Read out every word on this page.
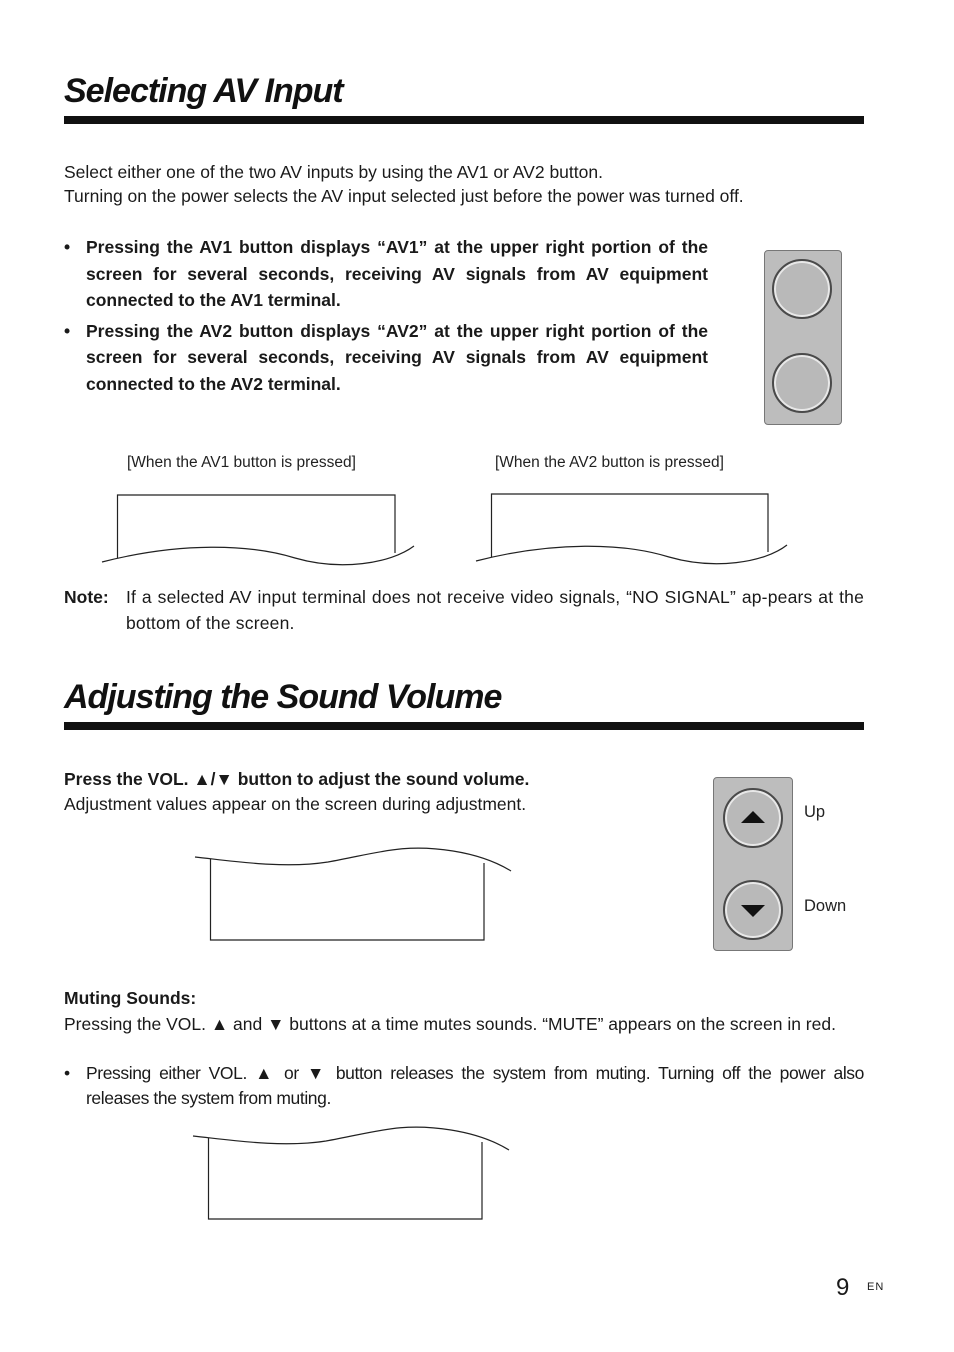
Selecting AV Input

Select either one of the two AV inputs by using the AV1 or AV2 button.

Turning on the power selects the AV input selected just before the power was turned off.

• Pressing the AV1 button displays “AV1” at the upper right portion of the screen for several seconds, receiving AV signals from AV equipment connected to the AV1 terminal.
• Pressing the AV2 button displays “AV2” at the upper right portion of the screen for several seconds, receiving AV signals from AV equipment connected to the AV2 terminal.
[When the AV1 button is pressed]	[When the AV2 button is pressed]
Note: If a selected AV input terminal does not receive video signals, “NO SIGNAL” ap-pears at the bottom of the screen.
Adjusting the Sound Volume

Press the VOL. ▲/▼ button to adjust the sound volume.

Adjustment values appear on the screen during adjustment.	Up
Down
Muting Sounds:
Pressing the VOL. ▲ and ▼ buttons at a time mutes sounds. “MUTE” appears on the screen in red.
• Pressing either VOL. ▲ or ▼ button releases the system from muting. Turning off the power also releases the system from muting.
9 EN
